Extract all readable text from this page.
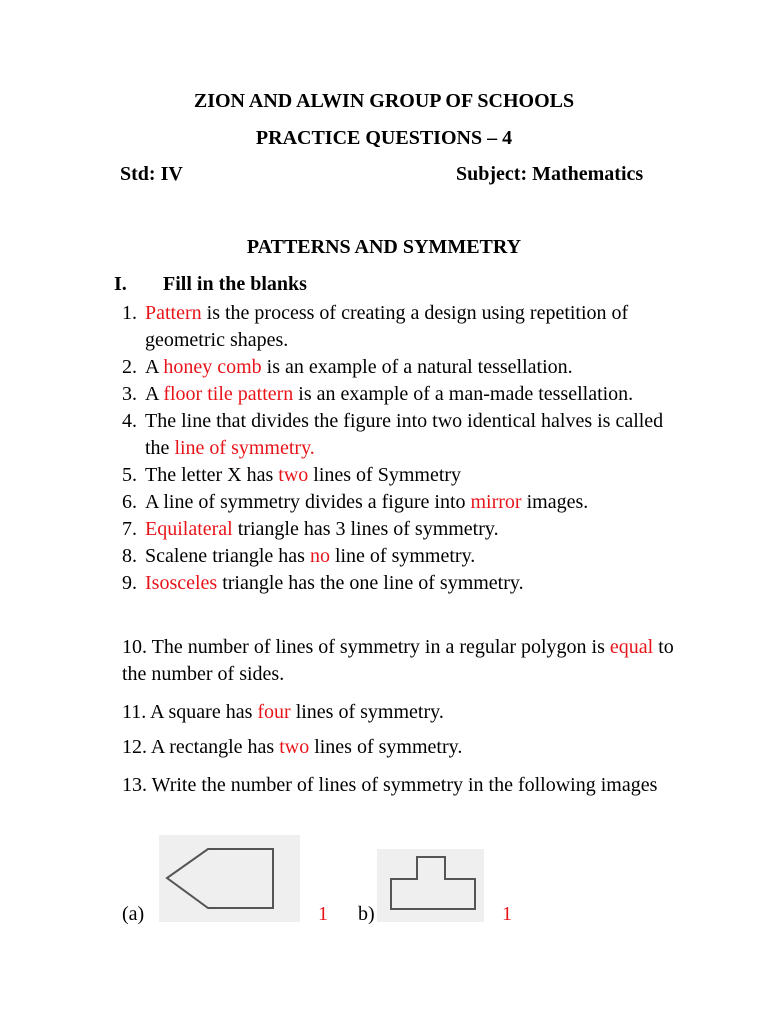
ZION AND ALWIN GROUP OF SCHOOLS
PRACTICE QUESTIONS – 4
Std: IV	Subject: Mathematics
PATTERNS AND SYMMETRY
I. Fill in the blanks
1. Pattern is the process of creating a design using repetition of geometric shapes.
2. A honey comb is an example of a natural tessellation.
3. A floor tile pattern is an example of a man-made tessellation.
4. The line that divides the figure into two identical halves is called the line of symmetry.
5. The letter X has two lines of Symmetry
6. A line of symmetry divides a figure into mirror images.
7. Equilateral triangle has 3 lines of symmetry.
8. Scalene triangle has no line of symmetry.
9. Isosceles triangle has the one line of symmetry.
10. The number of lines of symmetry in a regular polygon is equal to the number of sides.
11. A square has four lines of symmetry.
12. A rectangle has two lines of symmetry.
13. Write the number of lines of symmetry in the following images
(a)	1 b)	1
